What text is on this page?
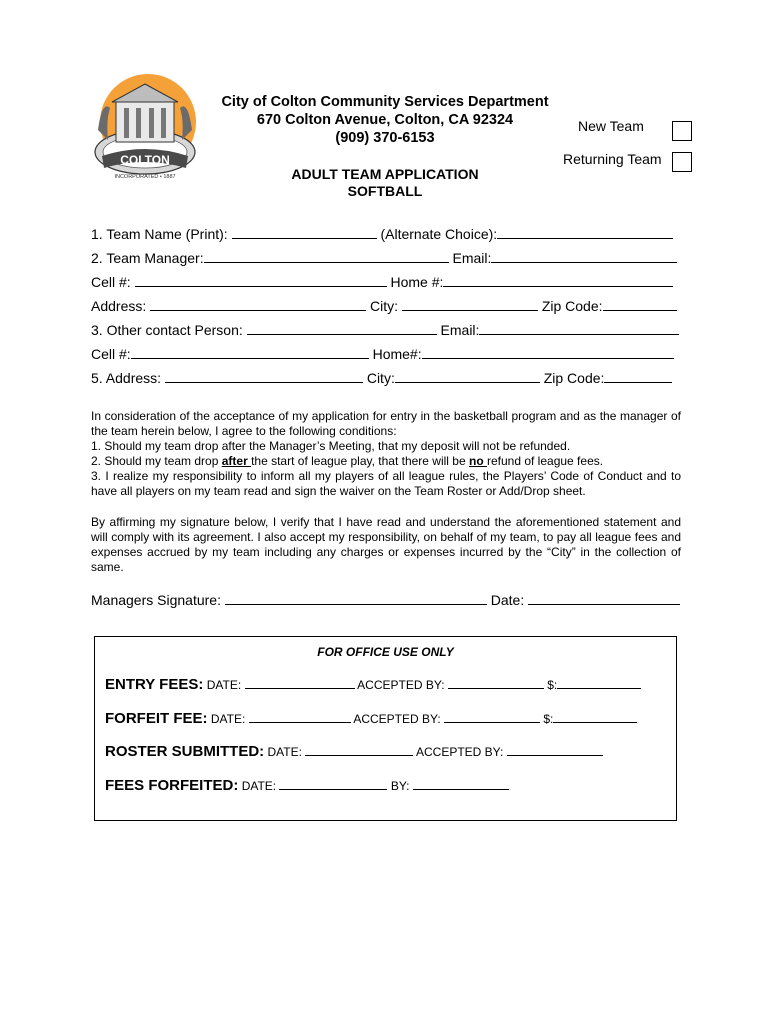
COLTON
INCORPORATED • 1887
City of Colton Community Services Department
670 Colton Avenue, Colton, CA 92324
(909) 370-6153
ADULT TEAM APPLICATION
SOFTBALL
New Team
Returning Team
1. Team Name (Print):	(Alternate Choice):
2. Team Manager:	Email:
Cell #:	Home #:
Address:	City:	Zip Code:
3. Other contact Person:	Email:
Cell #:	Home#:
5. Address:	City:	Zip Code:

In consideration of the acceptance of my application for entry in the basketball program and as the manager of the team herein below, I agree to the following conditions:

1. Should my team drop after the Manager’s Meeting, that my deposit will not be refunded.

2. Should my team drop after the start of league play, that there will be no refund of league fees.

3. I realize my responsibility to inform all my players of all league rules, the Players’ Code of Conduct and to have all players on my team read and sign the waiver on the Team Roster or Add/Drop sheet.

By affirming my signature below, I verify that I have read and understand the aforementioned statement and will comply with its agreement. I also accept my responsibility, on behalf of my team, to pay all league fees and expenses accrued by my team including any charges or expenses incurred by the “City” in the collection of same.
Managers Signature:	Date:
FOR OFFICE USE ONLY
ENTRY FEES: DATE:	ACCEPTED BY:	$:
FORFEIT FEE: DATE:	ACCEPTED BY:	$:
ROSTER SUBMITTED: DATE:	ACCEPTED BY:
FEES FORFEITED: DATE:	BY:
